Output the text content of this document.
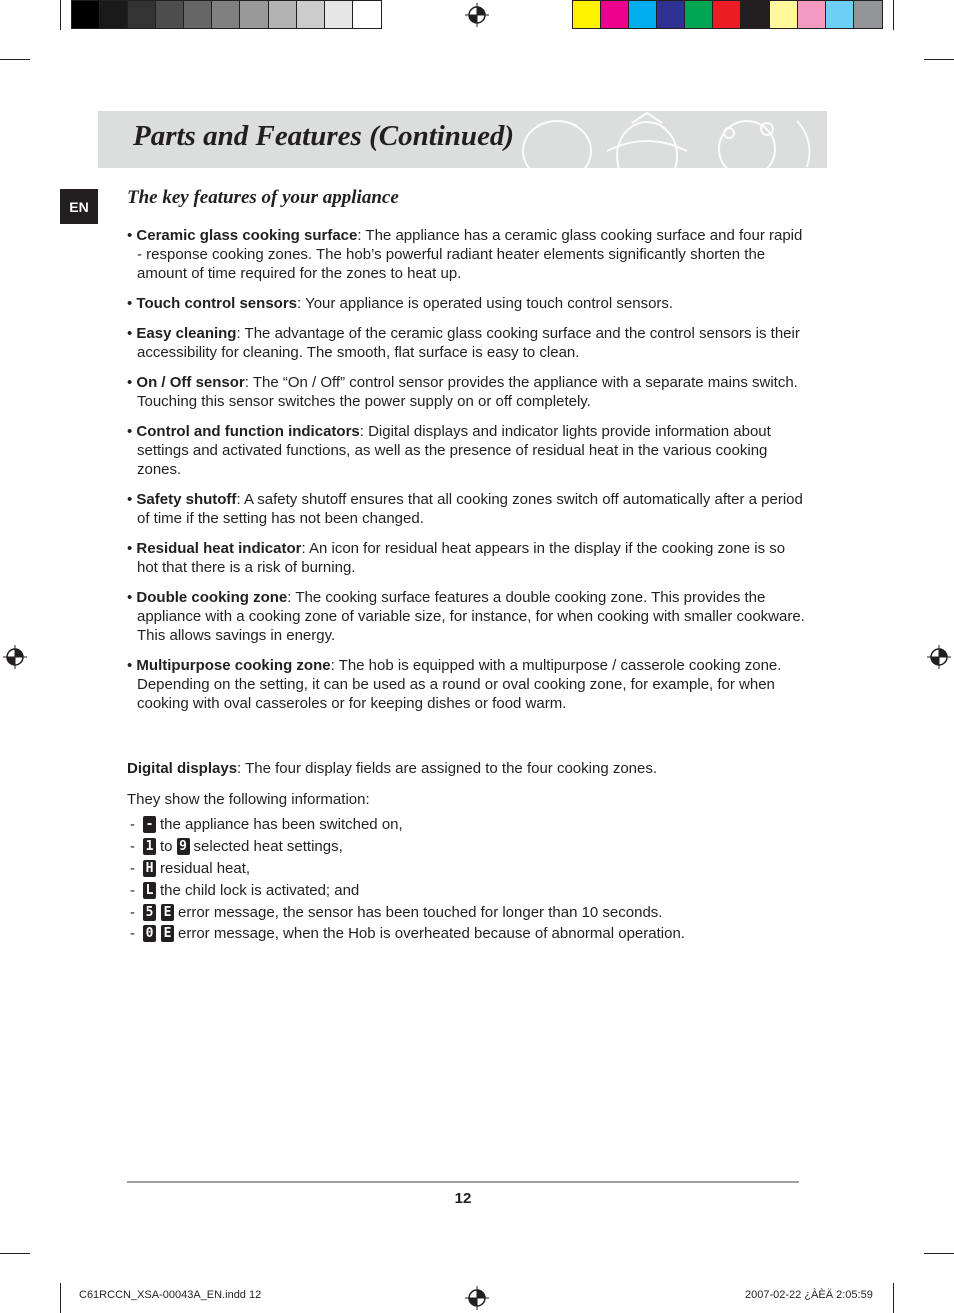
Parts and Features (Continued)
EN	The key features of your appliance
• Ceramic glass cooking surface: The appliance has a ceramic glass cooking surface and four rapid - response cooking zones. The hob’s powerful radiant heater elements significantly shorten the amount of time required for the zones to heat up.
• Touch control sensors: Your appliance is operated using touch control sensors.
• Easy cleaning: The advantage of the ceramic glass cooking surface and the control sensors is their accessibility for cleaning. The smooth, flat surface is easy to clean.
• On / Off sensor: The “On / Off” control sensor provides the appliance with a separate mains switch. Touching this sensor switches the power supply on or off completely.
• Control and function indicators: Digital displays and indicator lights provide information about settings and activated functions, as well as the presence of residual heat in the various cooking zones.
• Safety shutoff: A safety shutoff ensures that all cooking zones switch off automatically after a period of time if the setting has not been changed.
• Residual heat indicator: An icon for residual heat appears in the display if the cooking zone is so hot that there is a risk of burning.
• Double cooking zone: The cooking surface features a double cooking zone. This provides the appliance with a cooking zone of variable size, for instance, for when cooking with smaller cookware. This allows savings in energy.
• Multipurpose cooking zone: The hob is equipped with a multipurpose / casserole cooking zone. Depending on the setting, it can be used as a round or oval cooking zone, for example, for when cooking with oval casseroles or for keeping dishes or food warm.

Digital displays: The four display fields are assigned to the four cooking zones.

They show the following information:

- - the appliance has been switched on,
- 1 to 9 selected heat settings,
- H residual heat,
- L the child lock is activated; and
- 5 E error message, the sensor has been touched for longer than 10 seconds.
- 0 E error message, when the Hob is overheated because of abnormal operation.
12
C61RCCN_XSA-00043A_EN.indd 12	2007-02-22 ¿ÀÈÄ 2:05:59
